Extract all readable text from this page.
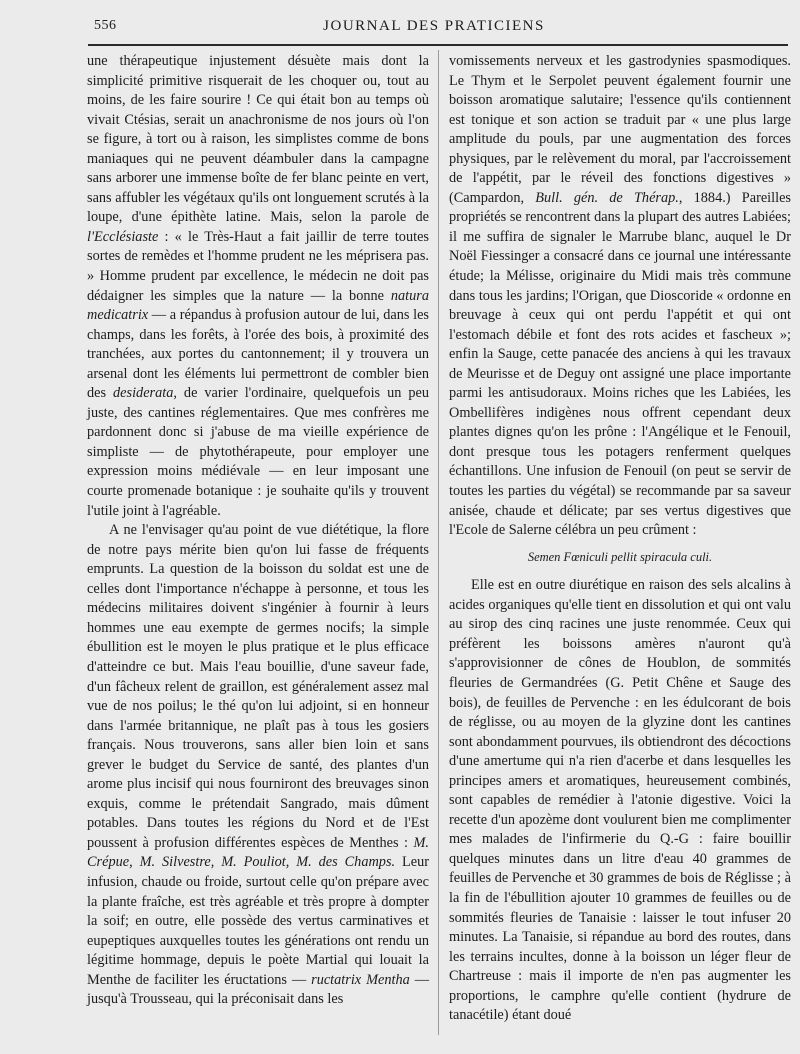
556	JOURNAL DES PRATICIENS

une thérapeutique injustement désuète mais dont la simplicité primitive risquerait de les choquer ou, tout au moins, de les faire sourire ! Ce qui était bon au temps où vivait Ctésias, serait un anachronisme de nos jours où l'on se figure, à tort ou à raison, les simplistes comme de bons maniaques qui ne peuvent déambuler dans la campagne sans arborer une immense boîte de fer blanc peinte en vert, sans affubler les végétaux qu'ils ont longuement scrutés à la loupe, d'une épithète latine. Mais, selon la parole de l'Ecclésiaste : « le Très-Haut a fait jaillir de terre toutes sortes de remèdes et l'homme prudent ne les méprisera pas. » Homme prudent par excellence, le médecin ne doit pas dédaigner les simples que la nature — la bonne natura medicatrix — a répandus à profusion autour de lui, dans les champs, dans les forêts, à l'orée des bois, à proximité des tranchées, aux portes du cantonnement; il y trouvera un arsenal dont les éléments lui permettront de combler bien des desiderata, de varier l'ordinaire, quelquefois un peu juste, des cantines réglementaires. Que mes confrères me pardonnent donc si j'abuse de ma vieille expérience de simpliste — de phytothérapeute, pour employer une expression moins médiévale — en leur imposant une courte promenade botanique : je souhaite qu'ils y trouvent l'utile joint à l'agréable.

A ne l'envisager qu'au point de vue diététique, la flore de notre pays mérite bien qu'on lui fasse de fréquents emprunts. La question de la boisson du soldat est une de celles dont l'importance n'échappe à personne, et tous les médecins militaires doivent s'ingénier à fournir à leurs hommes une eau exempte de germes nocifs; la simple ébullition est le moyen le plus pratique et le plus efficace d'atteindre ce but. Mais l'eau bouillie, d'une saveur fade, d'un fâcheux relent de graillon, est généralement assez mal vue de nos poilus; le thé qu'on lui adjoint, si en honneur dans l'armée britannique, ne plaît pas à tous les gosiers français. Nous trouverons, sans aller bien loin et sans grever le budget du Service de santé, des plantes d'un arome plus incisif qui nous fourniront des breuvages sinon exquis, comme le prétendait Sangrado, mais dûment potables. Dans toutes les régions du Nord et de l'Est poussent à profusion différentes espèces de Menthes : M. Crépue, M. Silvestre, M. Pouliot, M. des Champs. Leur infusion, chaude ou froide, surtout celle qu'on prépare avec la plante fraîche, est très agréable et très propre à dompter la soif; en outre, elle possède des vertus carminatives et eupeptiques auxquelles toutes les générations ont rendu un légitime hommage, depuis le poète Martial qui louait la Menthe de faciliter les éructations — ructatrix Mentha — jusqu'à Trousseau, qui la préconisait dans les

vomissements nerveux et les gastrodynies spasmodiques. Le Thym et le Serpolet peuvent également fournir une boisson aromatique salutaire; l'essence qu'ils contiennent est tonique et son action se traduit par « une plus large amplitude du pouls, par une augmentation des forces physiques, par le relèvement du moral, par l'accroissement de l'appétit, par le réveil des fonctions digestives » (Campardon, Bull. gén. de Thérap., 1884.) Pareilles propriétés se rencontrent dans la plupart des autres Labiées; il me suffira de signaler le Marrube blanc, auquel le Dr Noël Fiessinger a consacré dans ce journal une intéressante étude; la Mélisse, originaire du Midi mais très commune dans tous les jardins; l'Origan, que Dioscoride « ordonne en breuvage à ceux qui ont perdu l'appétit et qui ont l'estomach débile et font des rots acides et fascheux »; enfin la Sauge, cette panacée des anciens à qui les travaux de Meurisse et de Deguy ont assigné une place importante parmi les antisudoraux. Moins riches que les Labiées, les Ombellifères indigènes nous offrent cependant deux plantes dignes qu'on les prône : l'Angélique et le Fenouil, dont presque tous les potagers renferment quelques échantillons. Une infusion de Fenouil (on peut se servir de toutes les parties du végétal) se recommande par sa saveur anisée, chaude et délicate; par ses vertus digestives que l'Ecole de Salerne célébra un peu crûment :

Semen Fœniculi pellit spiracula culi.

Elle est en outre diurétique en raison des sels alcalins à acides organiques qu'elle tient en dissolution et qui ont valu au sirop des cinq racines une juste renommée. Ceux qui préfèrent les boissons amères n'auront qu'à s'approvisionner de cônes de Houblon, de sommités fleuries de Germandrées (G. Petit Chêne et Sauge des bois), de feuilles de Pervenche : en les édulcorant de bois de réglisse, ou au moyen de la glyzine dont les cantines sont abondamment pourvues, ils obtiendront des décoctions d'une amertume qui n'a rien d'acerbe et dans lesquelles les principes amers et aromatiques, heureusement combinés, sont capables de remédier à l'atonie digestive. Voici la recette d'un apozème dont voulurent bien me complimenter mes malades de l'infirmerie du Q.-G : faire bouillir quelques minutes dans un litre d'eau 40 grammes de feuilles de Pervenche et 30 grammes de bois de Réglisse ; à la fin de l'ébullition ajouter 10 grammes de feuilles ou de sommités fleuries de Tanaisie : laisser le tout infuser 20 minutes. La Tanaisie, si répandue au bord des routes, dans les terrains incultes, donne à la boisson un léger fleur de Chartreuse : mais il importe de n'en pas augmenter les proportions, le camphre qu'elle contient (hydrure de tanacétile) étant doué
